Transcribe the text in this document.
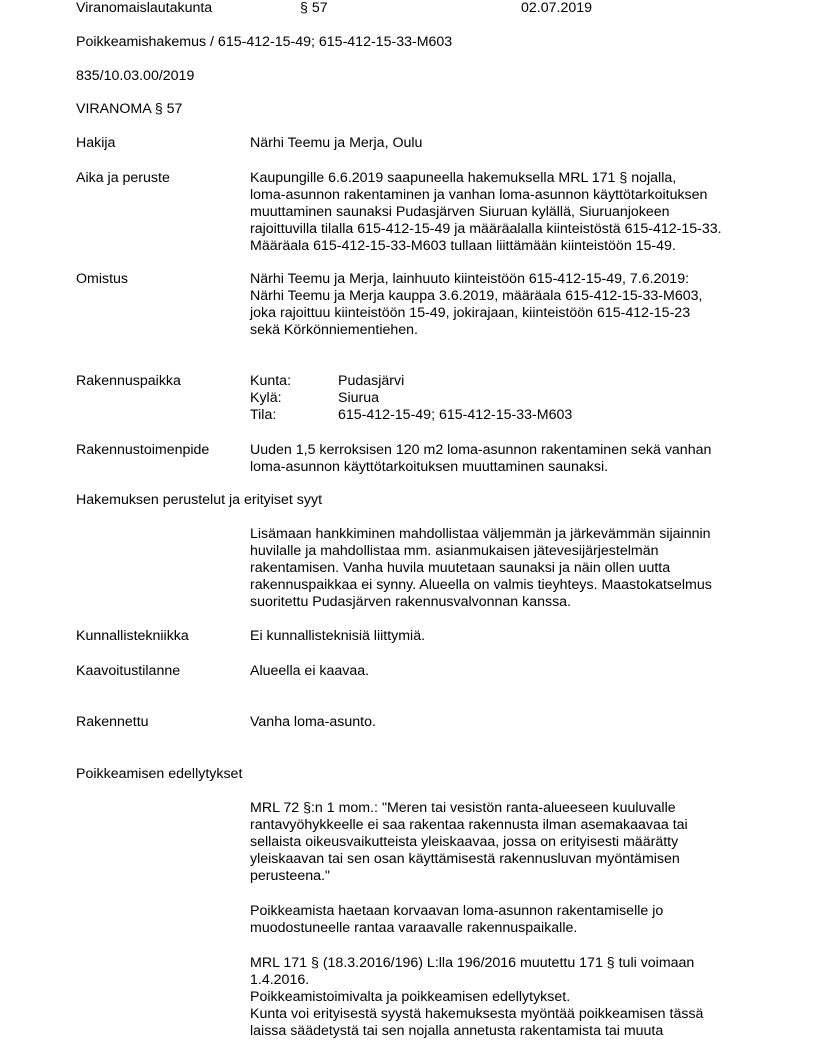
Viranomaislautakunta	§ 57	02.07.2019
Poikkeamishakemus / 615-412-15-49; 615-412-15-33-M603
835/10.03.00/2019
VIRANOMA § 57
Hakija	Närhi Teemu ja Merja, Oulu
Aika ja peruste	Kaupungille 6.6.2019 saapuneella hakemuksella MRL 171 § nojalla,
loma-asunnon rakentaminen ja vanhan loma-asunnon käyttötarkoituksen
muuttaminen saunaksi Pudasjärven Siuruan kylällä, Siuruanjokeen
rajoittuvilla tilalla 615-412-15-49 ja määräalalla kiinteistöstä 615-412-15-33.
Määräala 615-412-15-33-M603 tullaan liittämään kiinteistöön 15-49.
Omistus	Närhi Teemu ja Merja, lainhuuto kiinteistöön 615-412-15-49, 7.6.2019:
Närhi Teemu ja Merja kauppa 3.6.2019, määräala 615-412-15-33-M603,
joka rajoittuu kiinteistöön 15-49, jokirajaan, kiinteistöön 615-412-15-23
sekä Körkönniementiehen.
Rakennuspaikka	Kunta:	Pudasjärvi
Kylä:	Siurua
Tila:	615-412-15-49; 615-412-15-33-M603
Rakennustoimenpide	Uuden 1,5 kerroksisen 120 m2 loma-asunnon rakentaminen sekä vanhan
loma-asunnon käyttötarkoituksen muuttaminen saunaksi.
Hakemuksen perustelut ja erityiset syyt
Lisämaan hankkiminen mahdollistaa väljemmän ja järkevämmän sijainnin
huvilalle ja mahdollistaa mm. asianmukaisen jätevesijärjestelmän
rakentamisen. Vanha huvila muutetaan saunaksi ja näin ollen uutta
rakennuspaikkaa ei synny. Alueella on valmis tieyhteys. Maastokatselmus
suoritettu Pudasjärven rakennusvalvonnan kanssa.
Kunnallistekniikka	Ei kunnallisteknisiä liittymiä.
Kaavoitustilanne	Alueella ei kaavaa.
Rakennettu	Vanha loma-asunto.
Poikkeamisen edellytykset
MRL 72 §:n 1 mom.: "Meren tai vesistön ranta-alueeseen kuuluvalle
rantavyöhykkeelle ei saa rakentaa rakennusta ilman asemakaavaa tai
sellaista oikeusvaikutteista yleiskaavaa, jossa on erityisesti määrätty
yleiskaavan tai sen osan käyttämisestä rakennusluvan myöntämisen
perusteena."
Poikkeamista haetaan korvaavan loma-asunnon rakentamiselle jo
muodostuneelle rantaa varaavalle rakennuspaikalle.
MRL 171 § (18.3.2016/196) L:lla 196/2016 muutettu 171 § tuli voimaan
1.4.2016.
Poikkeamistoimivalta ja poikkeamisen edellytykset.
Kunta voi erityisestä syystä hakemuksesta myöntää poikkeamisen tässä
laissa säädetystä tai sen nojalla annetusta rakentamista tai muuta
